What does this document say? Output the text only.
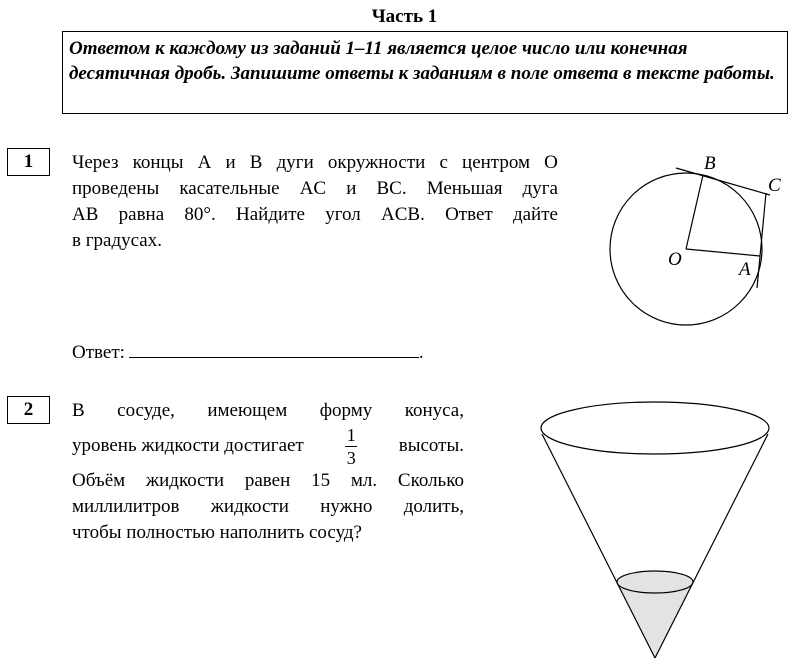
Часть 1
Ответом к каждому из заданий 1–11 является целое число или конечная десятичная дробь. Запишите ответы к заданиям в поле ответа в тексте работы.
1	Через концы A и B дуги окружности с центром O
проведены касательные AC и BC. Меньшая дуга
AB равна 80°. Найдите угол ACB. Ответ дайте
в градусах.
B
C
O	A
Ответ:	.
2	В сосуде, имеющем форму конуса,
уровень жидкости достигает $\frac{1}{3}$ высоты.
Объём жидкости равен 15 мл. Сколько
миллилитров жидкости нужно долить,
чтобы полностью наполнить сосуд?
